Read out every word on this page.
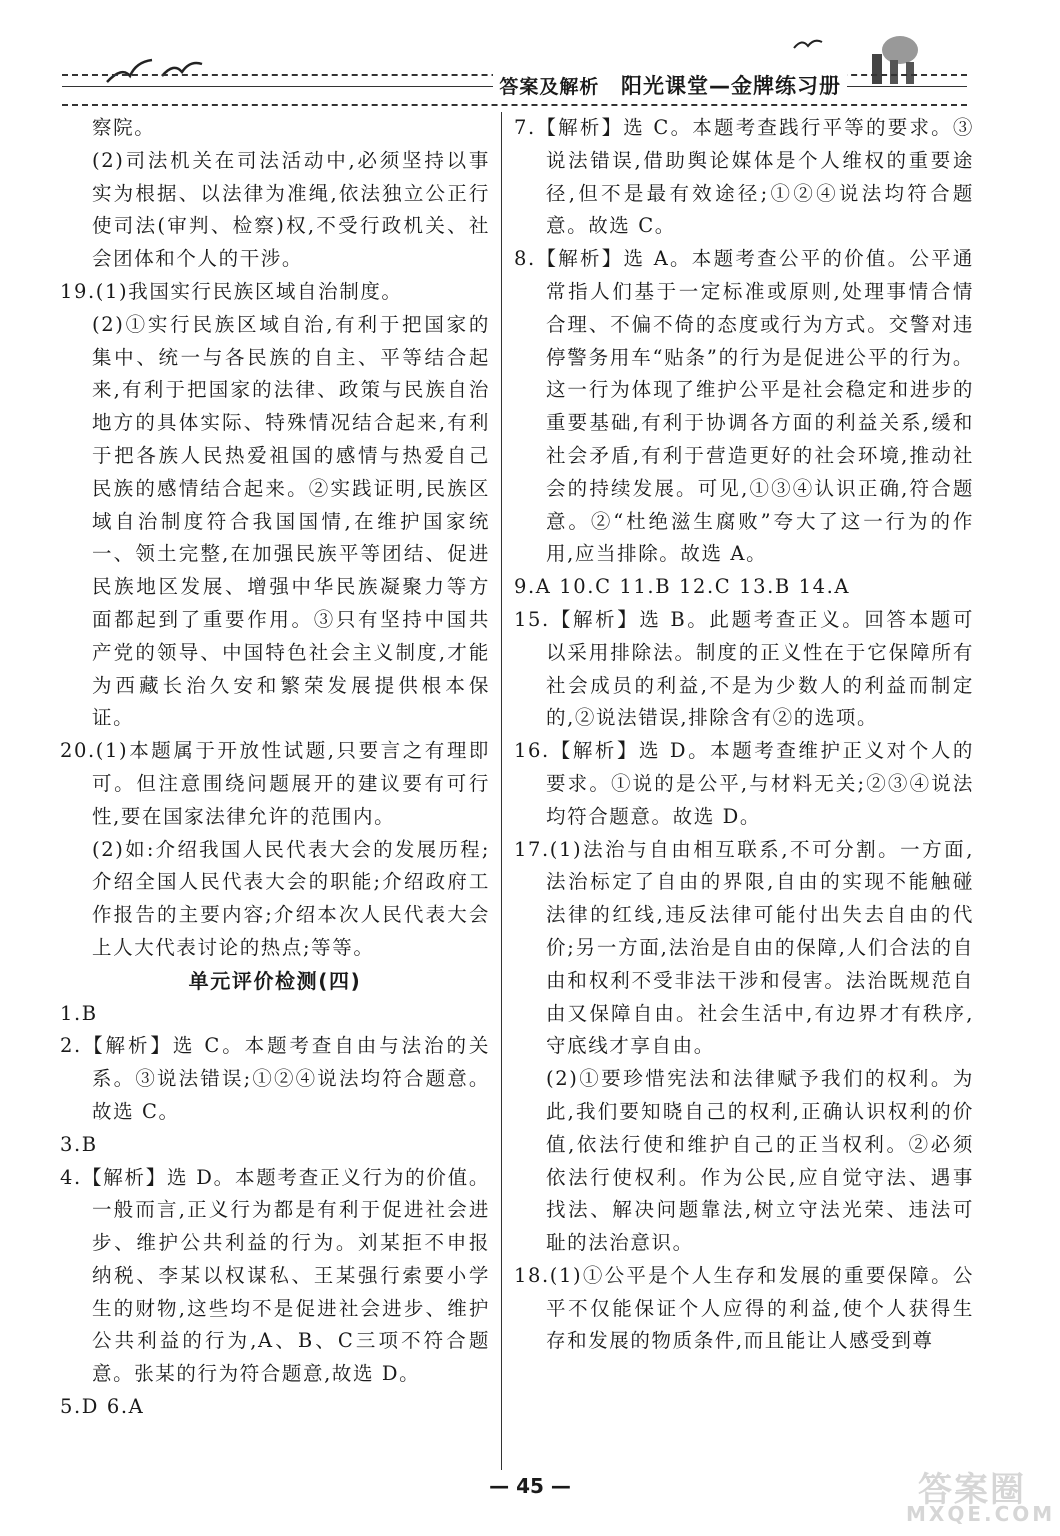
答案及解析 阳光课堂—金牌练习册

察院。

(2)司法机关在司法活动中,必须坚持以事实为根据、以法律为准绳,依法独立公正行使司法(审判、检察)权,不受行政机关、社会团体和个人的干涉。

19.(1)我国实行民族区域自治制度。

(2)①实行民族区域自治,有利于把国家的集中、统一与各民族的自主、平等结合起来,有利于把国家的法律、政策与民族自治地方的具体实际、特殊情况结合起来,有利于把各族人民热爱祖国的感情与热爱自己民族的感情结合起来。②实践证明,民族区域自治制度符合我国国情,在维护国家统一、领土完整,在加强民族平等团结、促进民族地区发展、增强中华民族凝聚力等方面都起到了重要作用。③只有坚持中国共产党的领导、中国特色社会主义制度,才能为西藏长治久安和繁荣发展提供根本保证。

20.(1)本题属于开放性试题,只要言之有理即可。但注意围绕问题展开的建议要有可行性,要在国家法律允许的范围内。

(2)如:介绍我国人民代表大会的发展历程;介绍全国人民代表大会的职能;介绍政府工作报告的主要内容;介绍本次人民代表大会上人大代表讨论的热点;等等。

单元评价检测(四)

1.B

2.【解析】选 C。本题考查自由与法治的关系。③说法错误;①②④说法均符合题意。故选 C。

3.B

4.【解析】选 D。本题考查正义行为的价值。一般而言,正义行为都是有利于促进社会进步、维护公共利益的行为。刘某拒不申报纳税、李某以权谋私、王某强行索要小学生的财物,这些均不是促进社会进步、维护公共利益的行为,A、B、C三项不符合题意。张某的行为符合题意,故选 D。

5.D 6.A

7.【解析】选 C。本题考查践行平等的要求。③说法错误,借助舆论媒体是个人维权的重要途径,但不是最有效途径;①②④说法均符合题意。故选 C。

8.【解析】选 A。本题考查公平的价值。公平通常指人们基于一定标准或原则,处理事情合情合理、不偏不倚的态度或行为方式。交警对违停警务用车“贴条”的行为是促进公平的行为。这一行为体现了维护公平是社会稳定和进步的重要基础,有利于协调各方面的利益关系,缓和社会矛盾,有利于营造更好的社会环境,推动社会的持续发展。可见,①③④认识正确,符合题意。②“杜绝滋生腐败”夸大了这一行为的作用,应当排除。故选 A。

9.A 10.C 11.B 12.C 13.B 14.A

15.【解析】选 B。此题考查正义。回答本题可以采用排除法。制度的正义性在于它保障所有社会成员的利益,不是为少数人的利益而制定的,②说法错误,排除含有②的选项。

16.【解析】选 D。本题考查维护正义对个人的要求。①说的是公平,与材料无关;②③④说法均符合题意。故选 D。

17.(1)法治与自由相互联系,不可分割。一方面,法治标定了自由的界限,自由的实现不能触碰法律的红线,违反法律可能付出失去自由的代价;另一方面,法治是自由的保障,人们合法的自由和权利不受非法干涉和侵害。法治既规范自由又保障自由。社会生活中,有边界才有秩序,守底线才享自由。

(2)①要珍惜宪法和法律赋予我们的权利。为此,我们要知晓自己的权利,正确认识权利的价值,依法行使和维护自己的正当权利。②必须依法行使权利。作为公民,应自觉守法、遇事找法、解决问题靠法,树立守法光荣、违法可耻的法治意识。

18.(1)①公平是个人生存和发展的重要保障。公平不仅能保证个人应得的利益,使个人获得生存和发展的物质条件,而且能让人感受到尊

— 45 —	答案圈
MXQE.COM
